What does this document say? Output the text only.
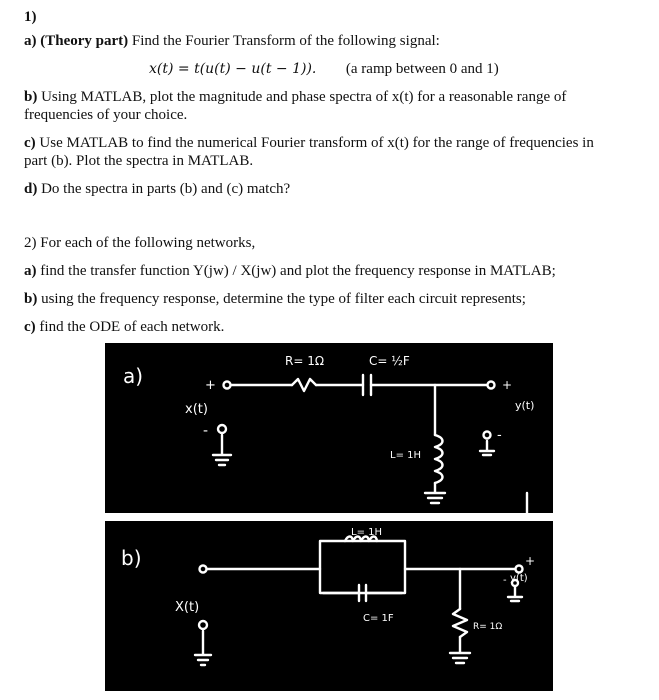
1)
a) (Theory part) Find the Fourier Transform of the following signal:
x(t) = t(u(t) − u(t − 1)). (a ramp between 0 and 1)
b) Using MATLAB, plot the magnitude and phase spectra of x(t) for a reasonable range of
frequencies of your choice.
c) Use MATLAB to find the numerical Fourier transform of x(t) for the range of frequencies in
part (b). Plot the spectra in MATLAB.
d) Do the spectra in parts (b) and (c) match?
2) For each of the following networks,
a) find the transfer function Y(jw) / X(jw) and plot the frequency response in MATLAB;
b) using the frequency response, determine the type of filter each circuit represents;
c) find the ODE of each network.
a)
R= 1Ω	C= ½F
L= 1H
+
x(t)
-
+
y(t)
-
b)
L= 1H
C= 1F
R= 1Ω
X(t)
+
y(t)
-
